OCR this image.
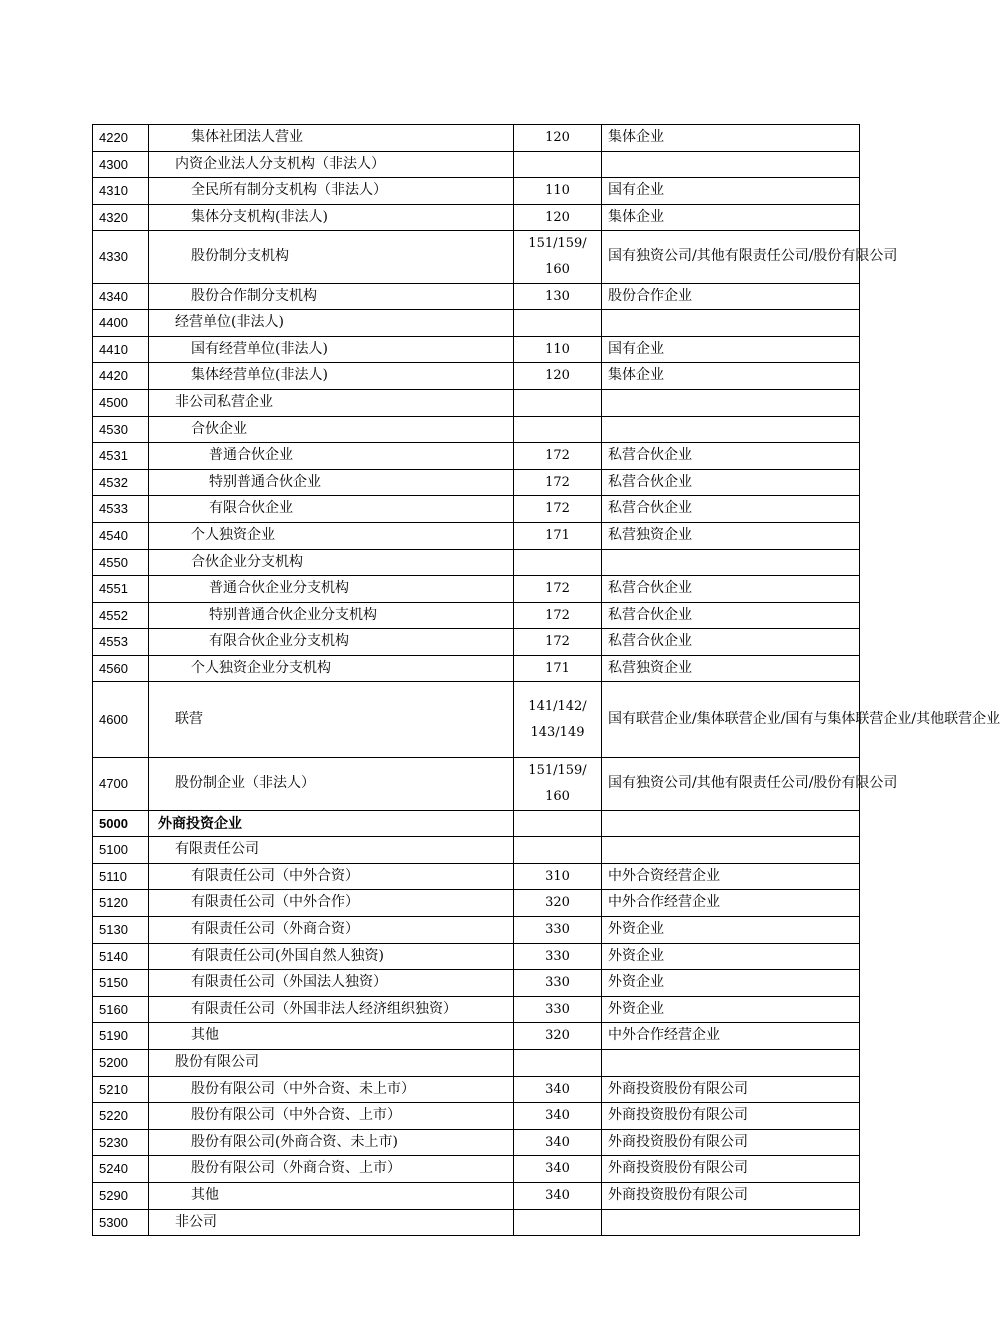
4220	集体社团法人营业	120	集体企业
4300	内资企业法人分支机构（非法人）		
4310	全民所有制分支机构（非法人）	110	国有企业
4320	集体分支机构(非法人)	120	集体企业
4330	股份制分支机构	151/159/160	国有独资公司/其他有限责任公司/股份有限公司
4340	股份合作制分支机构	130	股份合作企业
4400	经营单位(非法人)		
4410	国有经营单位(非法人)	110	国有企业
4420	集体经营单位(非法人)	120	集体企业
4500	非公司私营企业		
4530	合伙企业		
4531	普通合伙企业	172	私营合伙企业
4532	特别普通合伙企业	172	私营合伙企业
4533	有限合伙企业	172	私营合伙企业
4540	个人独资企业	171	私营独资企业
4550	合伙企业分支机构		
4551	普通合伙企业分支机构	172	私营合伙企业
4552	特别普通合伙企业分支机构	172	私营合伙企业
4553	有限合伙企业分支机构	172	私营合伙企业
4560	个人独资企业分支机构	171	私营独资企业
4600	联营	141/142/143/149	国有联营企业/集体联营企业/国有与集体联营企业/其他联营企业
4700	股份制企业（非法人）	151/159/160	国有独资公司/其他有限责任公司/股份有限公司
5000	外商投资企业		
5100	有限责任公司		
5110	有限责任公司（中外合资）	310	中外合资经营企业
5120	有限责任公司（中外合作）	320	中外合作经营企业
5130	有限责任公司（外商合资）	330	外资企业
5140	有限责任公司(外国自然人独资)	330	外资企业
5150	有限责任公司（外国法人独资）	330	外资企业
5160	有限责任公司（外国非法人经济组织独资）	330	外资企业
5190	其他	320	中外合作经营企业
5200	股份有限公司		
5210	股份有限公司（中外合资、未上市）	340	外商投资股份有限公司
5220	股份有限公司（中外合资、上市）	340	外商投资股份有限公司
5230	股份有限公司(外商合资、未上市)	340	外商投资股份有限公司
5240	股份有限公司（外商合资、上市）	340	外商投资股份有限公司
5290	其他	340	外商投资股份有限公司
5300	非公司		
